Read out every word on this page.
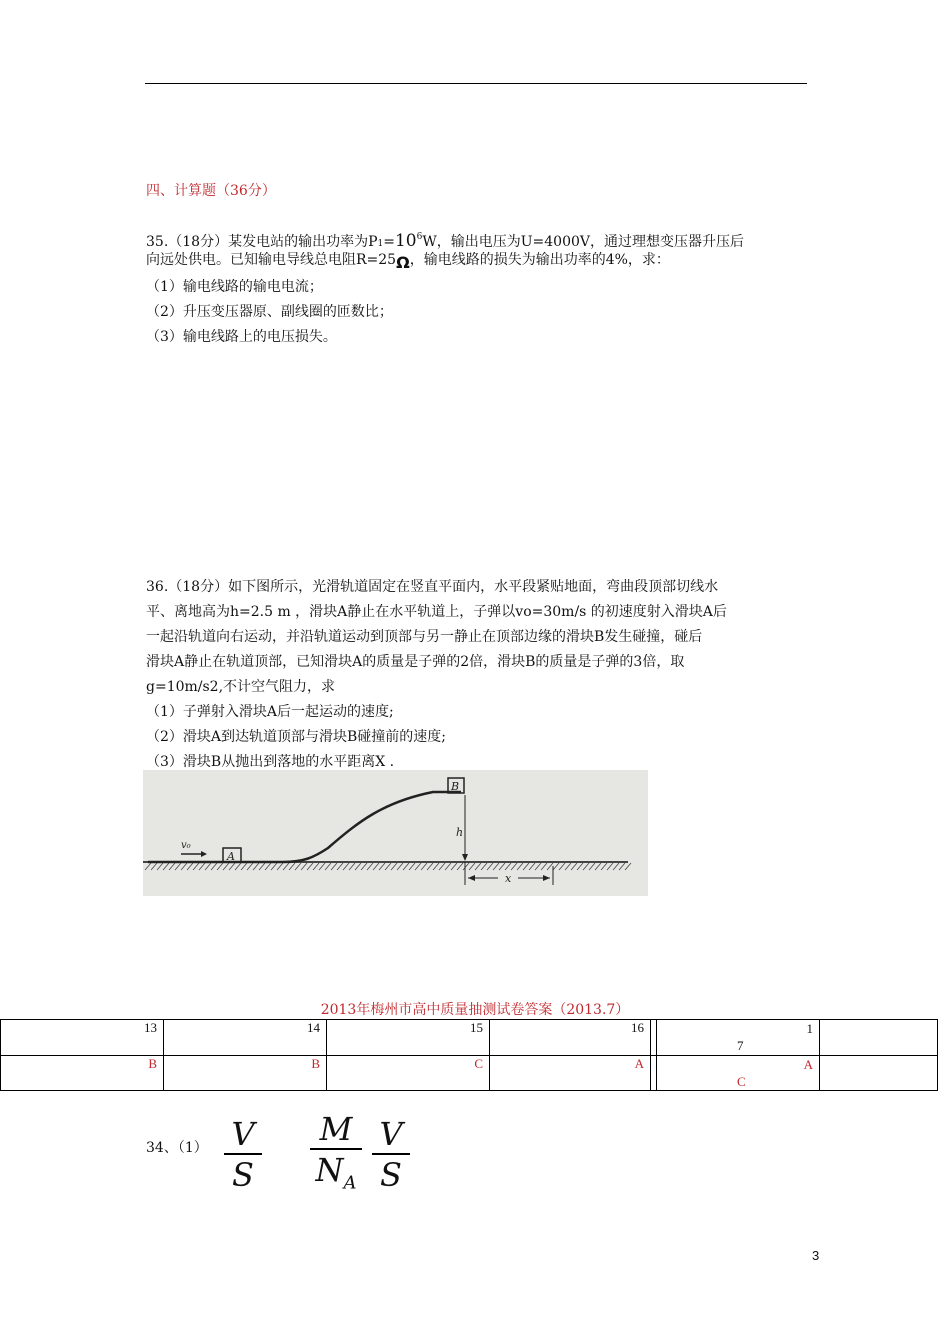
四、计算题（36分）
35.（18分）某发电站的输出功率为$P1=10^6W$，输出电压为U=4000V，通过理想变压器升压后
向远处供电。已知输电导线总电阻R=25Ω，输电线路的损失为输出功率的4%，求：
（1）输电线路的输电电流；
（2）升压变压器原、副线圈的匝数比；
（3）输电线路上的电压损失。
36.（18分）如下图所示，光滑轨道固定在竖直平面内，水平段紧贴地面，弯曲段顶部切线水
平、离地高为h=2.5 m ，滑块A静止在水平轨道上，子弹以vo=30m/s 的初速度射入滑块A后
一起沿轨道向右运动，并沿轨道运动到顶部与另一静止在顶部边缘的滑块B发生碰撞，碰后
滑块A静止在轨道顶部，已知滑块A的质量是子弹的2倍，滑块B的质量是子弹的3倍，取
g=10m/s2,不计空气阻力，求
（1）子弹射入滑块A后一起运动的速度;
（2）滑块A到达轨道顶部与滑块B碰撞前的速度;
（3）滑块B从抛出到落地的水平距离X .
A
B
h
x
v₀
2013年梅州市高中质量抽测试卷答案（2013.7）
13	14	15	16		1
7	

B	B	C	A		A
C	

34、（1） V
S
M
$N_A$
V
S
3
